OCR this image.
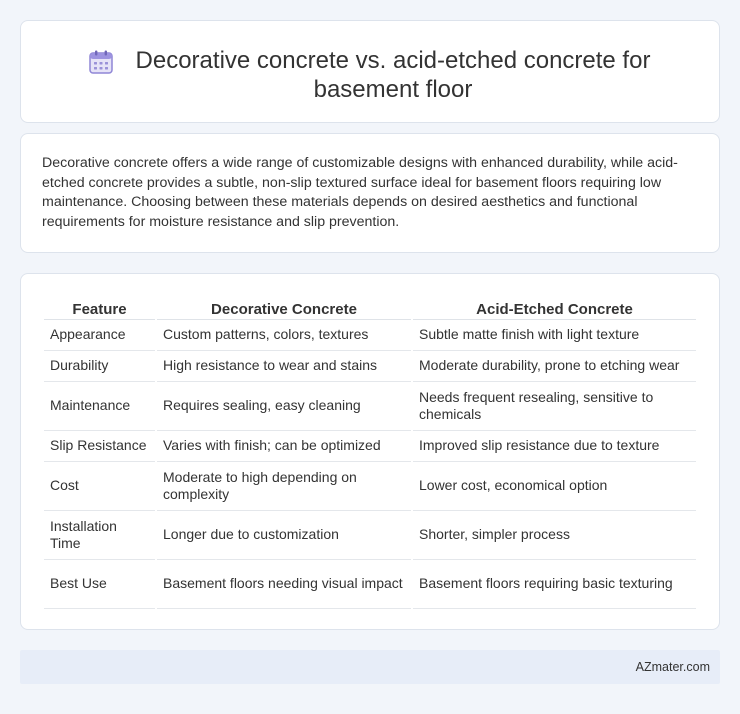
Decorative concrete vs. acid-etched concrete for basement floor

Decorative concrete offers a wide range of customizable designs with enhanced durability, while acid-etched concrete provides a subtle, non-slip textured surface ideal for basement floors requiring low maintenance. Choosing between these materials depends on desired aesthetics and functional requirements for moisture resistance and slip prevention.

Feature	Decorative Concrete	Acid-Etched Concrete
Appearance	Custom patterns, colors, textures	Subtle matte finish with light texture
Durability	High resistance to wear and stains	Moderate durability, prone to etching wear
Maintenance	Requires sealing, easy cleaning	Needs frequent resealing, sensitive to chemicals
Slip Resistance	Varies with finish; can be optimized	Improved slip resistance due to texture
Cost	Moderate to high depending on complexity	Lower cost, economical option
Installation Time	Longer due to customization	Shorter, simpler process
Best Use	Basement floors needing visual impact	Basement floors requiring basic texturing
AZmater.com
